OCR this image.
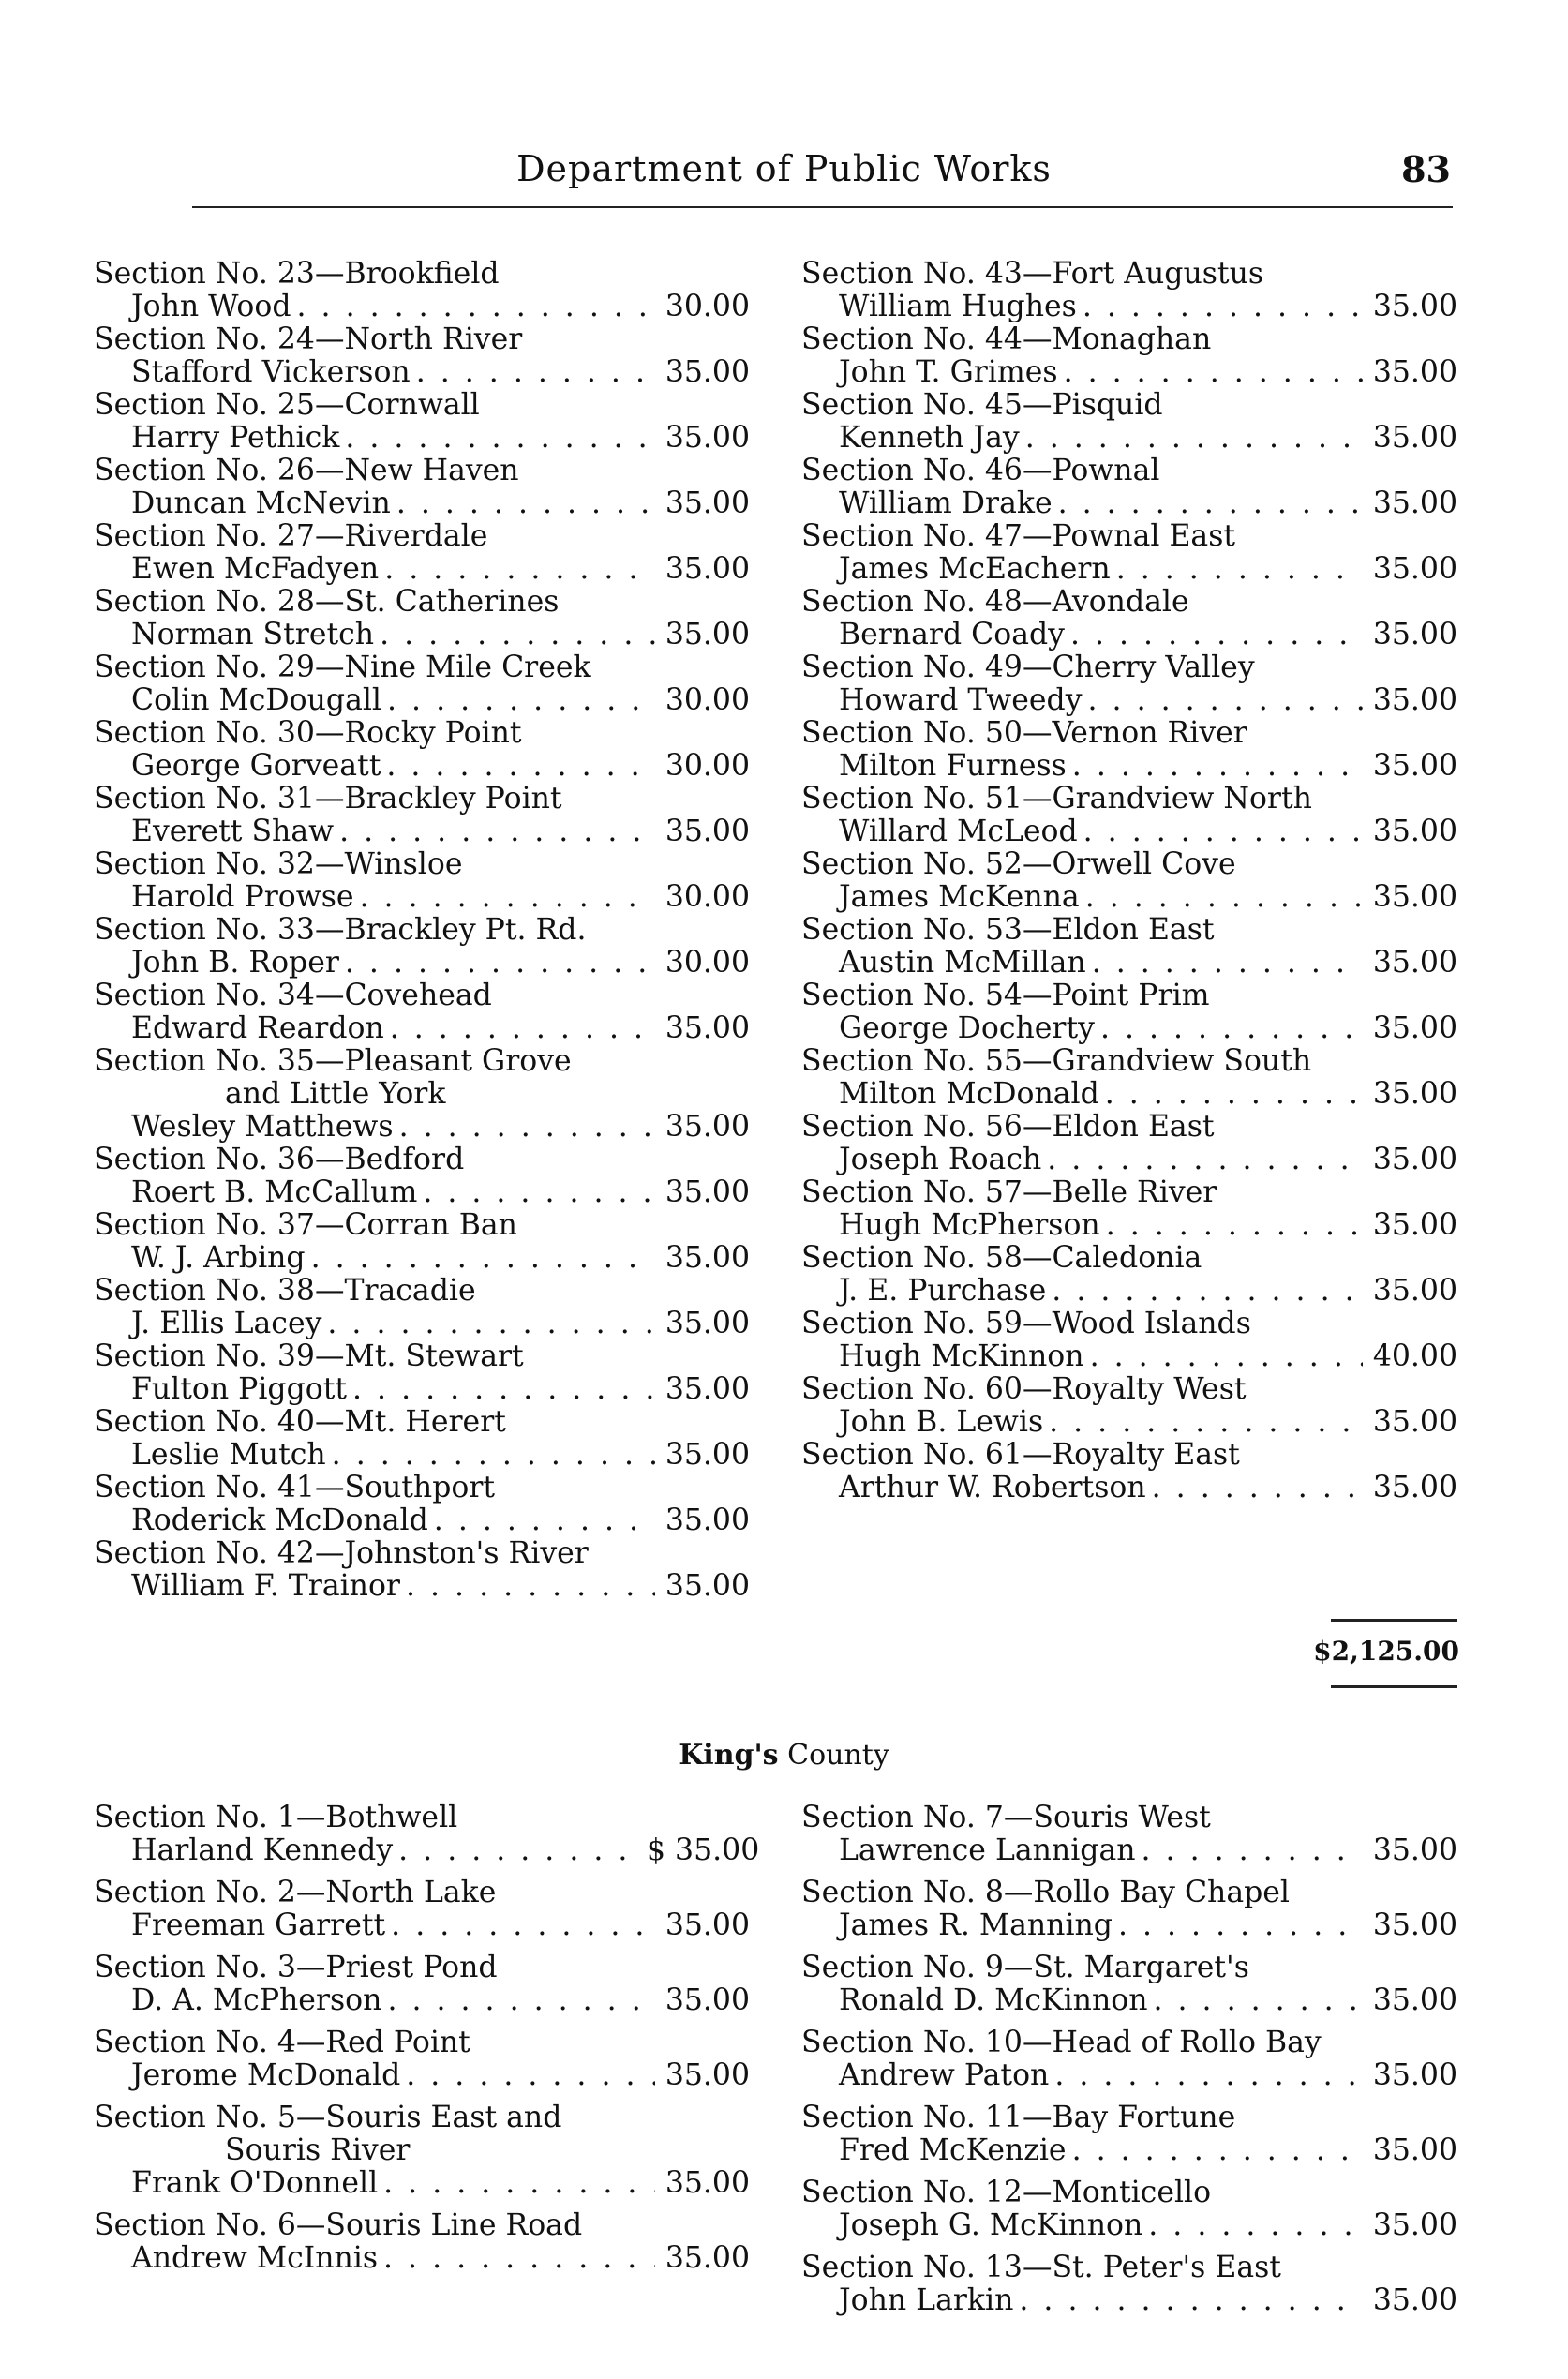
Department of Public Works	83
Section No. 23—Brookfield
John Wood . . .	30.00
Section No. 24—North River
Stafford Vickerson . . .	35.00
Section No. 25—Cornwall
Harry Pethick . . .	35.00
Section No. 26—New Haven
Duncan McNevin . . .	35.00
Section No. 27—Riverdale
Ewen McFadyen . . .	35.00
Section No. 28—St. Catherines
Norman Stretch . . .	35.00
Section No. 29—Nine Mile Creek
Colin McDougall . . .	30.00
Section No. 30—Rocky Point
George Gorveatt . . .	30.00
Section No. 31—Brackley Point
Everett Shaw . . .	35.00
Section No. 32—Winsloe
Harold Prowse . . .	30.00
Section No. 33—Brackley Pt. Rd.
John B. Roper . . .	30.00
Section No. 34—Covehead
Edward Reardon . . .	35.00
Section No. 35—Pleasant Grove
and Little York
Wesley Matthews . . .	35.00
Section No. 36—Bedford
Roert B. McCallum . . .	35.00
Section No. 37—Corran Ban
W. J. Arbing . . .	35.00
Section No. 38—Tracadie
J. Ellis Lacey . . .	35.00
Section No. 39—Mt. Stewart
Fulton Piggott . . .	35.00
Section No. 40—Mt. Herert
Leslie Mutch . . .	35.00
Section No. 41—Southport
Roderick McDonald . . .	35.00
Section No. 42—Johnston's River
William F. Trainor . . .	35.00
Section No. 43—Fort Augustus
William Hughes . . .	35.00
Section No. 44—Monaghan
John T. Grimes . . .	35.00
Section No. 45—Pisquid
Kenneth Jay . . .	35.00
Section No. 46—Pownal
William Drake . . .	35.00
Section No. 47—Pownal East
James McEachern . . .	35.00
Section No. 48—Avondale
Bernard Coady . . .	35.00
Section No. 49—Cherry Valley
Howard Tweedy . . .	35.00
Section No. 50—Vernon River
Milton Furness . . .	35.00
Section No. 51—Grandview North
Willard McLeod . . .	35.00
Section No. 52—Orwell Cove
James McKenna . . .	35.00
Section No. 53—Eldon East
Austin McMillan . . .	35.00
Section No. 54—Point Prim
George Docherty . . .	35.00
Section No. 55—Grandview South
Milton McDonald . . .	35.00
Section No. 56—Eldon East
Joseph Roach . . .	35.00
Section No. 57—Belle River
Hugh McPherson . . .	35.00
Section No. 58—Caledonia
J. E. Purchase . . .	35.00
Section No. 59—Wood Islands
Hugh McKinnon . . .	40.00
Section No. 60—Royalty West
John B. Lewis . . .	35.00
Section No. 61—Royalty East
Arthur W. Robertson . . .	35.00
$2,125.00
King's County
Section No. 1—Bothwell
Harland Kennedy . . .	$ 35.00
Section No. 2—North Lake
Freeman Garrett . . .	35.00
Section No. 3—Priest Pond
D. A. McPherson . . .	35.00
Section No. 4—Red Point
Jerome McDonald . . .	35.00
Section No. 5—Souris East and
Souris River
Frank O'Donnell . . .	35.00
Section No. 6—Souris Line Road
Andrew McInnis . . .	35.00
Section No. 7—Souris West
Lawrence Lannigan . . .	35.00
Section No. 8—Rollo Bay Chapel
James R. Manning . . .	35.00
Section No. 9—St. Margaret's
Ronald D. McKinnon . . .	35.00
Section No. 10—Head of Rollo Bay
Andrew Paton . . .	35.00
Section No. 11—Bay Fortune
Fred McKenzie . . .	35.00
Section No. 12—Monticello
Joseph G. McKinnon . . .	35.00
Section No. 13—St. Peter's East
John Larkin . . .	35.00
